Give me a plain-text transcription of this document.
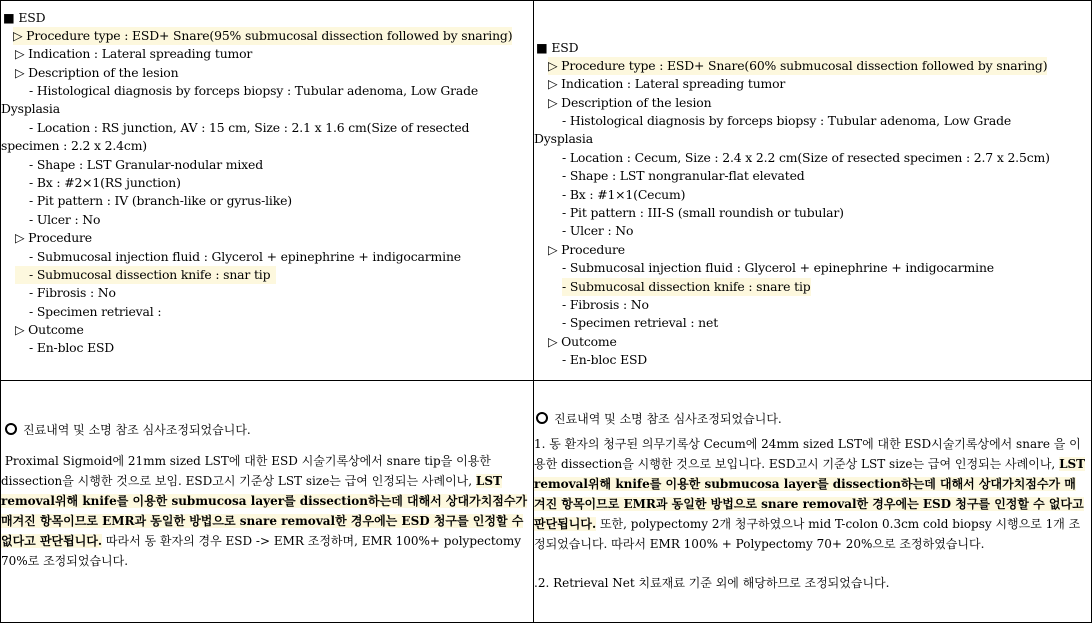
■ ESD
▷ Procedure type : ESD+ Snare(95% submucosal dissection followed by snaring)
▷ Indication : Lateral spreading tumor
▷ Description of the lesion
- Histological diagnosis by forceps biopsy : Tubular adenoma, Low Grade
Dysplasia
- Location : RS junction, AV : 15 cm, Size : 2.1 x 1.6 cm(Size of resected
specimen : 2.2 x 2.4cm)
- Shape : LST Granular-nodular mixed
- Bx : #2×1(RS junction)
- Pit pattern : IV (branch-like or gyrus-like)
- Ulcer : No
▷ Procedure
- Submucosal injection fluid : Glycerol + epinephrine + indigocarmine
- Submucosal dissection knife : snar tip
- Fibrosis : No
- Specimen retrieval :
▷ Outcome
- En-bloc ESD
■ ESD
▷ Procedure type : ESD+ Snare(60% submucosal dissection followed by snaring)
▷ Indication : Lateral spreading tumor
▷ Description of the lesion
- Histological diagnosis by forceps biopsy : Tubular adenoma, Low Grade
Dysplasia
- Location : Cecum, Size : 2.4 x 2.2 cm(Size of resected specimen : 2.7 x 2.5cm)
- Shape : LST nongranular-flat elevated
- Bx : #1×1(Cecum)
- Pit pattern : III-S (small roundish or tubular)
- Ulcer : No
▷ Procedure
- Submucosal injection fluid : Glycerol + epinephrine + indigocarmine
- Submucosal dissection knife : snare tip
- Fibrosis : No
- Specimen retrieval : net
▷ Outcome
- En-bloc ESD
진료내역 및 소명 참조 심사조정되었습니다.
Proximal Sigmoid에 21mm sized LST에 대한 ESD 시술기록상에서 snare tip을 이용한 dissection을 시행한 것으로 보임. ESD고시 기준상 LST size는 급여 인정되는 사례이나, LST removal위해 knife를 이용한 submucosa layer를 dissection하는데 대해서 상대가치점수가 매겨진 항목이므로 EMR과 동일한 방법으로 snare removal한 경우에는 ESD 청구를 인정할 수 없다고 판단됩니다. 따라서 동 환자의 경우 ESD -> EMR 조정하며, EMR 100%+ polypectomy 70%로 조정되었습니다.
진료내역 및 소명 참조 심사조정되었습니다.
1. 동 환자의 청구된 의무기록상 Cecum에 24mm sized LST에 대한 ESD시술기록상에서 snare 을 이용한 dissection을 시행한 것으로 보입니다. ESD고시 기준상 LST size는 급여 인정되는 사례이나, LST removal위해 knife를 이용한 submucosa layer를 dissection하는데 대해서 상대가치점수가 매겨진 항목이므로 EMR과 동일한 방법으로 snare removal한 경우에는 ESD 청구를 인정할 수 없다고 판단됩니다. 또한, polypectomy 2개 청구하였으나 mid T-colon 0.3cm cold biopsy 시행으로 1개 조정되었습니다. 따라서 EMR 100% + Polypectomy 70+ 20%으로 조정하였습니다.
.2. Retrieval Net 치료재료 기준 외에 해당하므로 조정되었습니다.
